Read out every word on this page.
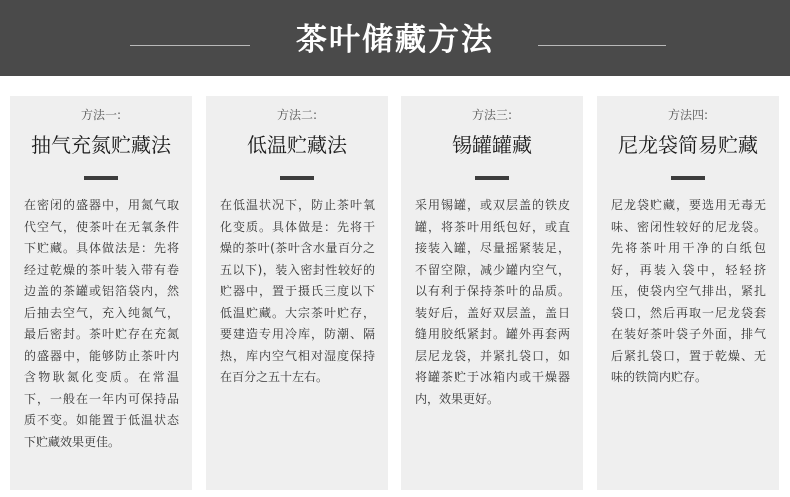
茶叶储藏方法
方法一:
抽气充氮贮藏法
在密闭的盛器中，用氮气取代空气，使茶叶在无氧条件下贮藏。具体做法是：先将经过乾燥的茶叶装入带有卷边盖的茶罐或铝箔袋内，然后抽去空气，充入纯氮气，最后密封。茶叶贮存在充氮的盛器中，能够防止茶叶内含物耿氮化变质。在常温下，一般在一年内可保持品质不变。如能置于低温状态下贮藏效果更佳。
方法二:
低温贮藏法
在低温状况下，防止茶叶氧化变质。具体做是：先将干燥的茶叶(茶叶含水量百分之五以下)，装入密封性较好的贮器中，置于摄氏三度以下低温贮藏。大宗茶叶贮存，要建造专用冷库，防潮、隔热，库内空气相对湿度保持在百分之五十左右。
方法三:
锡罐罐藏
采用锡罐，或双层盖的铁皮罐，将茶叶用纸包好，或直接装入罐，尽量摇紧装足，不留空隙，减少罐内空气，以有利于保持茶叶的品质。装好后，盖好双层盖，盖日缝用胶纸紧封。罐外再套两层尼龙袋，并紧扎袋口，如将罐茶贮于冰箱内或干燥器内，效果更好。
方法四:
尼龙袋简易贮藏
尼龙袋贮藏，要选用无毒无味、密闭性较好的尼龙袋。先将茶叶用干净的白纸包好，再装入袋中，轻轻挤压，使袋内空气排出，紧扎袋口，然后再取一尼龙袋套在装好茶叶袋子外面，排气后紧扎袋口，置于乾燥、无味的铁筒内贮存。
